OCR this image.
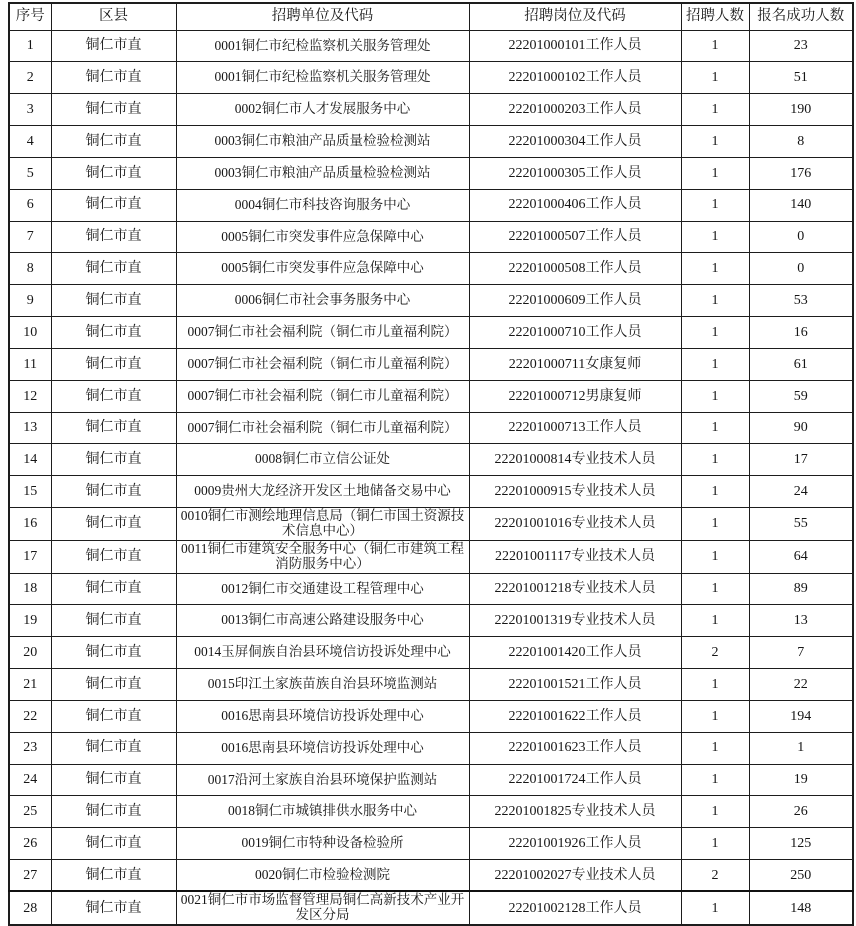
序号	区县	招聘单位及代码	招聘岗位及代码	招聘人数	报名成功人数
1	铜仁市直	0001铜仁市纪检监察机关服务管理处	22201000101工作人员	1	23
2	铜仁市直	0001铜仁市纪检监察机关服务管理处	22201000102工作人员	1	51
3	铜仁市直	0002铜仁市人才发展服务中心	22201000203工作人员	1	190
4	铜仁市直	0003铜仁市粮油产品质量检验检测站	22201000304工作人员	1	8
5	铜仁市直	0003铜仁市粮油产品质量检验检测站	22201000305工作人员	1	176
6	铜仁市直	0004铜仁市科技咨询服务中心	22201000406工作人员	1	140
7	铜仁市直	0005铜仁市突发事件应急保障中心	22201000507工作人员	1	0
8	铜仁市直	0005铜仁市突发事件应急保障中心	22201000508工作人员	1	0
9	铜仁市直	0006铜仁市社会事务服务中心	22201000609工作人员	1	53
10	铜仁市直	0007铜仁市社会福利院（铜仁市儿童福利院）	22201000710工作人员	1	16
11	铜仁市直	0007铜仁市社会福利院（铜仁市儿童福利院）	22201000711女康复师	1	61
12	铜仁市直	0007铜仁市社会福利院（铜仁市儿童福利院）	22201000712男康复师	1	59
13	铜仁市直	0007铜仁市社会福利院（铜仁市儿童福利院）	22201000713工作人员	1	90
14	铜仁市直	0008铜仁市立信公证处	22201000814专业技术人员	1	17
15	铜仁市直	0009贵州大龙经济开发区土地储备交易中心	22201000915专业技术人员	1	24
16	铜仁市直	0010铜仁市测绘地理信息局（铜仁市国土资源技术信息中心）	22201001016专业技术人员	1	55
17	铜仁市直	0011铜仁市建筑安全服务中心（铜仁市建筑工程消防服务中心）	22201001117专业技术人员	1	64
18	铜仁市直	0012铜仁市交通建设工程管理中心	22201001218专业技术人员	1	89
19	铜仁市直	0013铜仁市高速公路建设服务中心	22201001319专业技术人员	1	13
20	铜仁市直	0014玉屏侗族自治县环境信访投诉处理中心	22201001420工作人员	2	7
21	铜仁市直	0015印江土家族苗族自治县环境监测站	22201001521工作人员	1	22
22	铜仁市直	0016思南县环境信访投诉处理中心	22201001622工作人员	1	194
23	铜仁市直	0016思南县环境信访投诉处理中心	22201001623工作人员	1	1
24	铜仁市直	0017沿河土家族自治县环境保护监测站	22201001724工作人员	1	19
25	铜仁市直	0018铜仁市城镇排供水服务中心	22201001825专业技术人员	1	26
26	铜仁市直	0019铜仁市特种设备检验所	22201001926工作人员	1	125
27	铜仁市直	0020铜仁市检验检测院	22201002027专业技术人员	2	250
28	铜仁市直	0021铜仁市市场监督管理局铜仁高新技术产业开发区分局	22201002128工作人员	1	148
